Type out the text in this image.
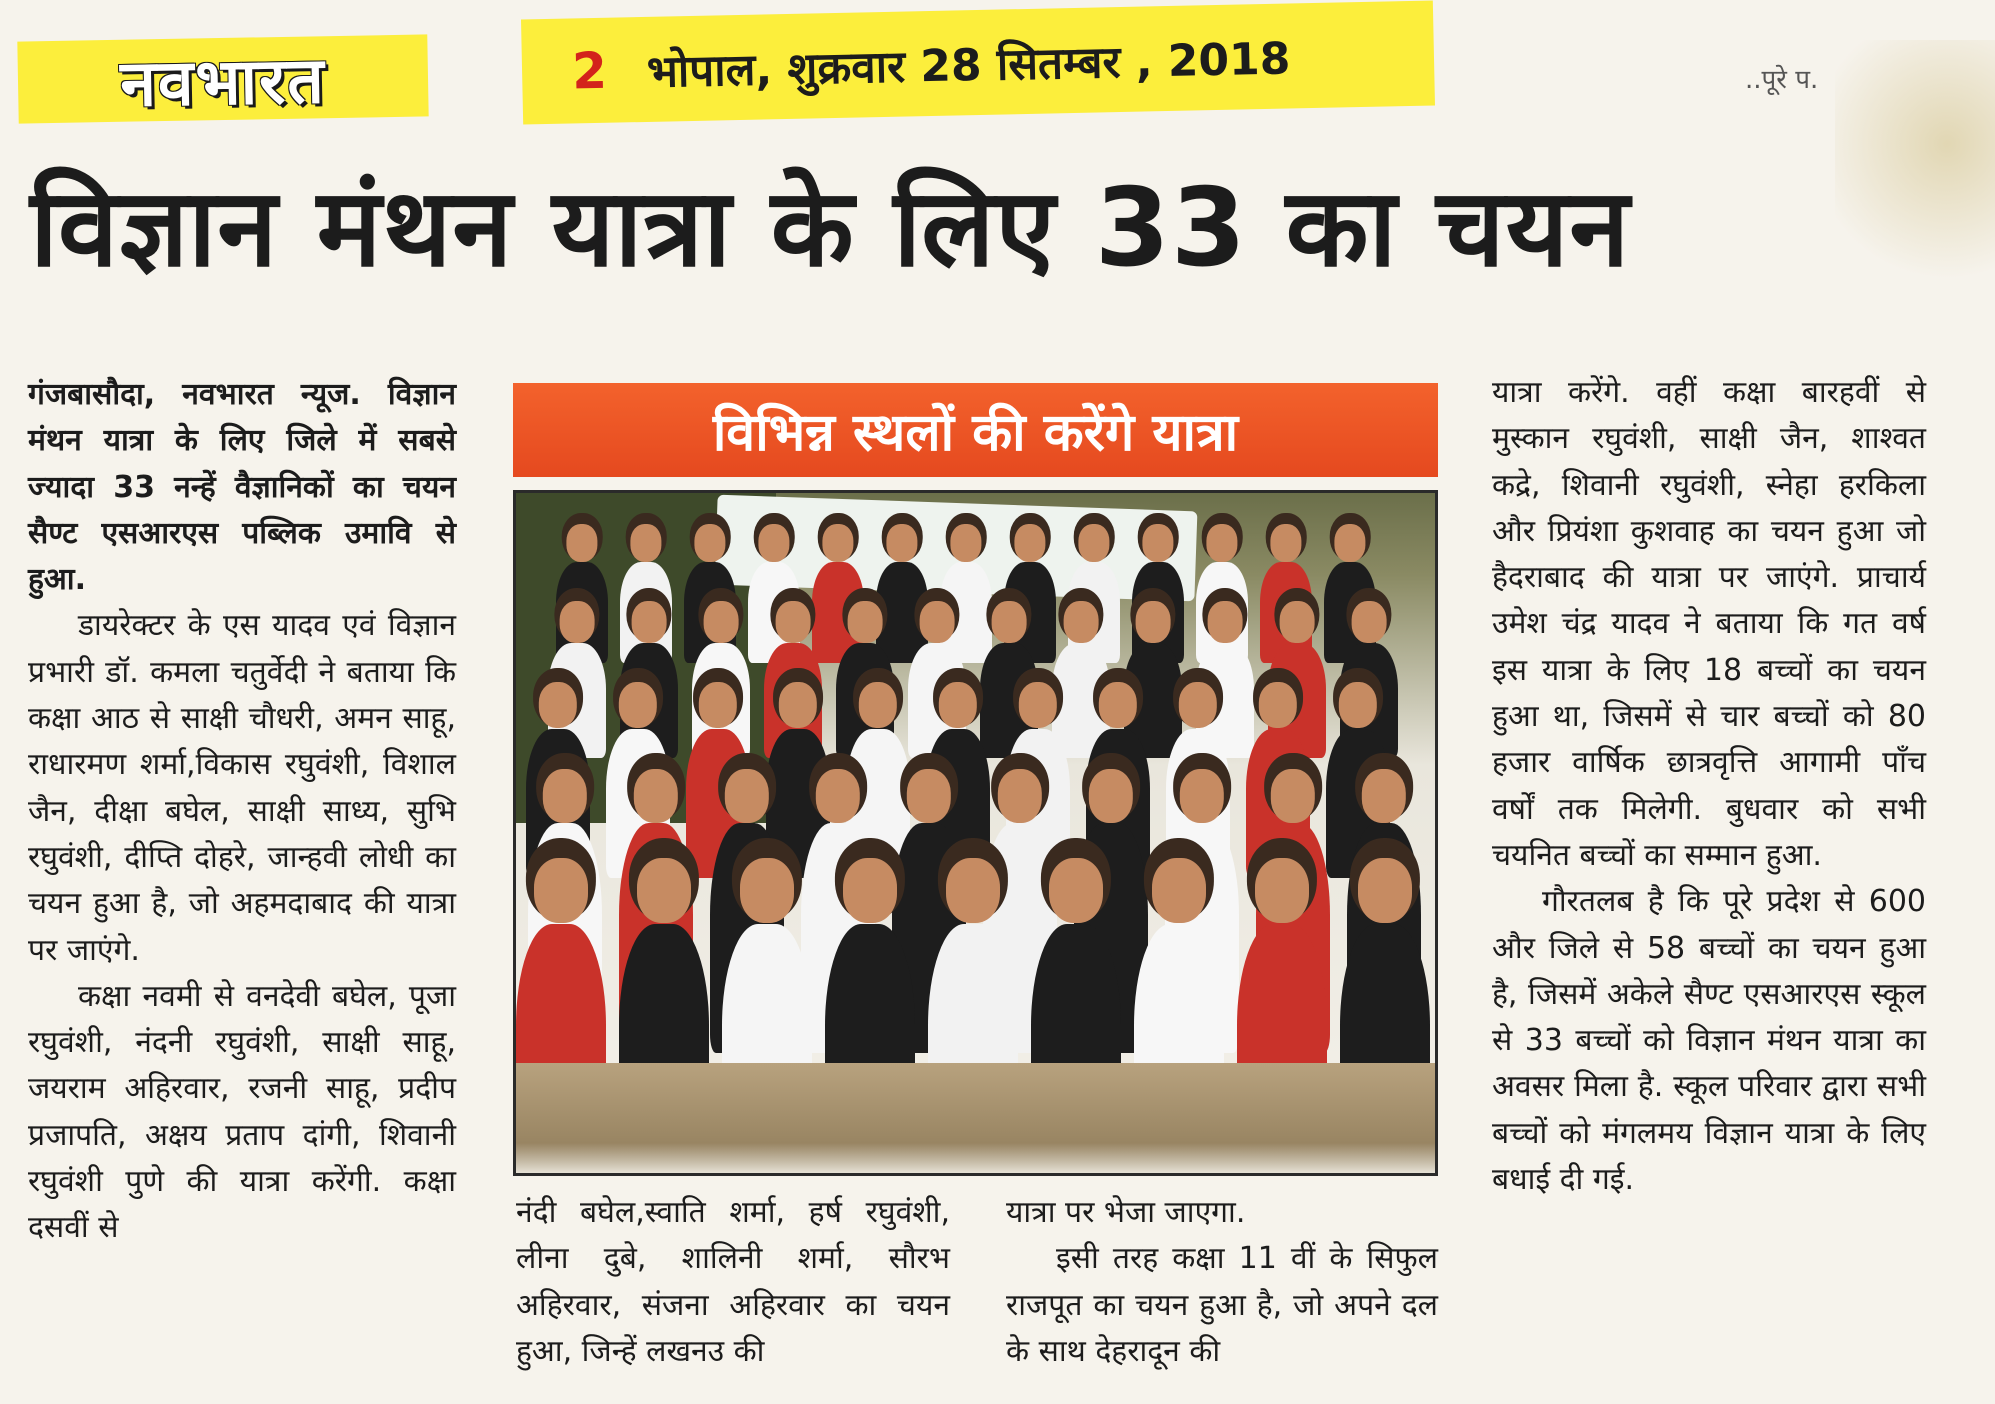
नवभारत	2 भोपाल, शुक्रवार 28 सितम्बर , 2018	..पूरे प.
विज्ञान मंथन यात्रा के लिए 33 का चयन

गंजबासौदा, नवभारत न्यूज. विज्ञान मंथन यात्रा के लिए जिले में सबसे ज्यादा 33 नन्हें वैज्ञानिकों का चयन सैण्ट एसआरएस पब्लिक उमावि से हुआ.

डायरेक्टर के एस यादव एवं विज्ञान प्रभारी डॉ. कमला चतुर्वेदी ने बताया कि कक्षा आठ से साक्षी चौधरी, अमन साहू, राधारमण शर्मा,विकास रघुवंशी, विशाल जैन, दीक्षा बघेल, साक्षी साध्य, सुभि रघुवंशी, दीप्ति दोहरे, जान्हवी लोधी का चयन हुआ है, जो अहमदाबाद की यात्रा पर जाएंगे.

कक्षा नवमी से वनदेवी बघेल, पूजा रघुवंशी, नंदनी रघुवंशी, साक्षी साहू, जयराम अहिरवार, रजनी साहू, प्रदीप प्रजापति, अक्षय प्रताप दांगी, शिवानी रघुवंशी पुणे की यात्रा करेंगी. कक्षा दसवीं से

विभिन्न स्थलों की करेंगे यात्रा

नंदी बघेल,स्वाति शर्मा, हर्ष रघुवंशी, लीना दुबे, शालिनी शर्मा, सौरभ अहिरवार, संजना अहिरवार का चयन हुआ, जिन्हें लखनउ की

यात्रा पर भेजा जाएगा.

इसी तरह कक्षा 11 वीं के सिफुल राजपूत का चयन हुआ है, जो अपने दल के साथ देहरादून की

यात्रा करेंगे. वहीं कक्षा बारहवीं से मुस्कान रघुवंशी, साक्षी जैन, शाश्वत कद्रे, शिवानी रघुवंशी, स्नेहा हरकिला और प्रियंशा कुशवाह का चयन हुआ जो हैदराबाद की यात्रा पर जाएंगे. प्राचार्य उमेश चंद्र यादव ने बताया कि गत वर्ष इस यात्रा के लिए 18 बच्चों का चयन हुआ था, जिसमें से चार बच्चों को 80 हजार वार्षिक छात्रवृत्ति आगामी पाँच वर्षों तक मिलेगी. बुधवार को सभी चयनित बच्चों का सम्मान हुआ.

गौरतलब है कि पूरे प्रदेश से 600 और जिले से 58 बच्चों का चयन हुआ है, जिसमें अकेले सैण्ट एसआरएस स्कूल से 33 बच्चों को विज्ञान मंथन यात्रा का अवसर मिला है. स्कूल परिवार द्वारा सभी बच्चों को मंगलमय विज्ञान यात्रा के लिए बधाई दी गई.
